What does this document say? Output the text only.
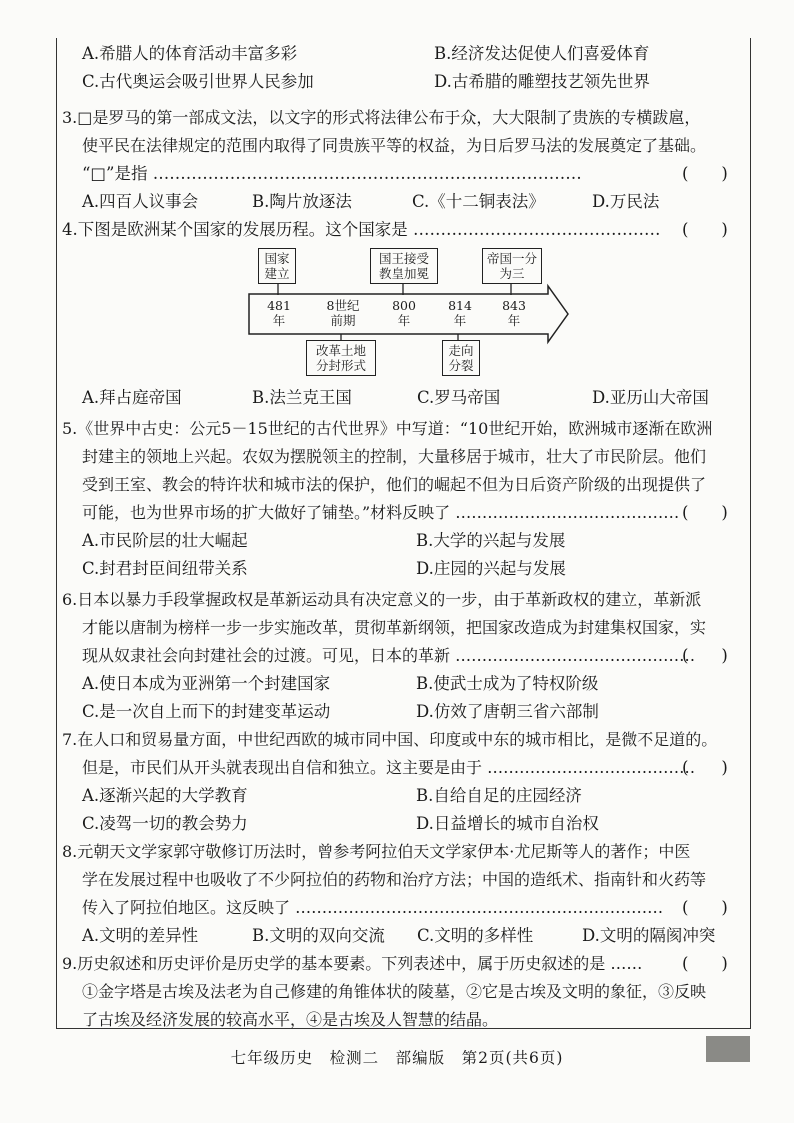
A.希腊人的体育活动丰富多彩	B.经济发达促使人们喜爱体育
C.古代奥运会吸引世界人民参加	D.古希腊的雕塑技艺领先世界
3.□是罗马的第一部成文法，以文字的形式将法律公布于众，大大限制了贵族的专横跋扈，
使平民在法律规定的范围内取得了同贵族平等的权益，为日后罗马法的发展奠定了基础。
“□”是指 ……………………………………………………………………	(　　)
A.四百人议事会	B.陶片放逐法	C.《十二铜表法》	D.万民法
4.下图是欧洲某个国家的发展历程。这个国家是 ……………………………………… (　　)
A.拜占庭帝国	B.法兰克王国	C.罗马帝国	D.亚历山大帝国
5.《世界中古史：公元5－15世纪的古代世界》中写道：“10世纪开始，欧洲城市逐渐在欧洲
封建主的领地上兴起。农奴为摆脱领主的控制，大量移居于城市，壮大了市民阶层。他们
受到王室、教会的特许状和城市法的保护，他们的崛起不但为日后资产阶级的出现提供了
可能，也为世界市场的扩大做好了铺垫。”材料反映了 …………………………………… (　　)
A.市民阶层的壮大崛起	B.大学的兴起与发展
C.封君封臣间纽带关系	D.庄园的兴起与发展
6.日本以暴力手段掌握政权是革新运动具有决定意义的一步，由于革新政权的建立，革新派
才能以唐制为榜样一步一步实施改革，贯彻革新纲领，把国家改造成为封建集权国家，实
现从奴隶社会向封建社会的过渡。可见，日本的革新 ………………………………………
(　　)
A.使日本成为亚洲第一个封建国家	B.使武士成为了特权阶级
C.是一次自上而下的封建变革运动	D.仿效了唐朝三省六部制
7.在人口和贸易量方面，中世纪西欧的城市同中国、印度或中东的城市相比，是微不足道的。
但是，市民们从开头就表现出自信和独立。这主要是由于 …………………………………
(　　)
A.逐渐兴起的大学教育	B.自给自足的庄园经济
C.凌驾一切的教会势力	D.日益增长的城市自治权
8.元朝天文学家郭守敬修订历法时，曾参考阿拉伯天文学家伊本·尤尼斯等人的著作；中医
学在发展过程中也吸收了不少阿拉伯的药物和治疗方法；中国的造纸术、指南针和火药等
传入了阿拉伯地区。这反映了 …………………………………………………………… (　　)
A.文明的差异性	B.文明的双向交流 C.文明的多样性	D.文明的隔阂冲突
9.历史叙述和历史评价是历史学的基本要素。下列表述中，属于历史叙述的是 …… (　　)
①金字塔是古埃及法老为自己修建的角锥体状的陵墓，②它是古埃及文明的象征，③反映
了古埃及经济发展的较高水平，④是古埃及人智慧的结晶。
国家建立
国王接受教皇加冕
帝国一分为三
481年
8世纪前期
800年
814年
843年
改革土地分封形式
走向分裂
七年级历史　检测二　部编版　第2页(共6页)
